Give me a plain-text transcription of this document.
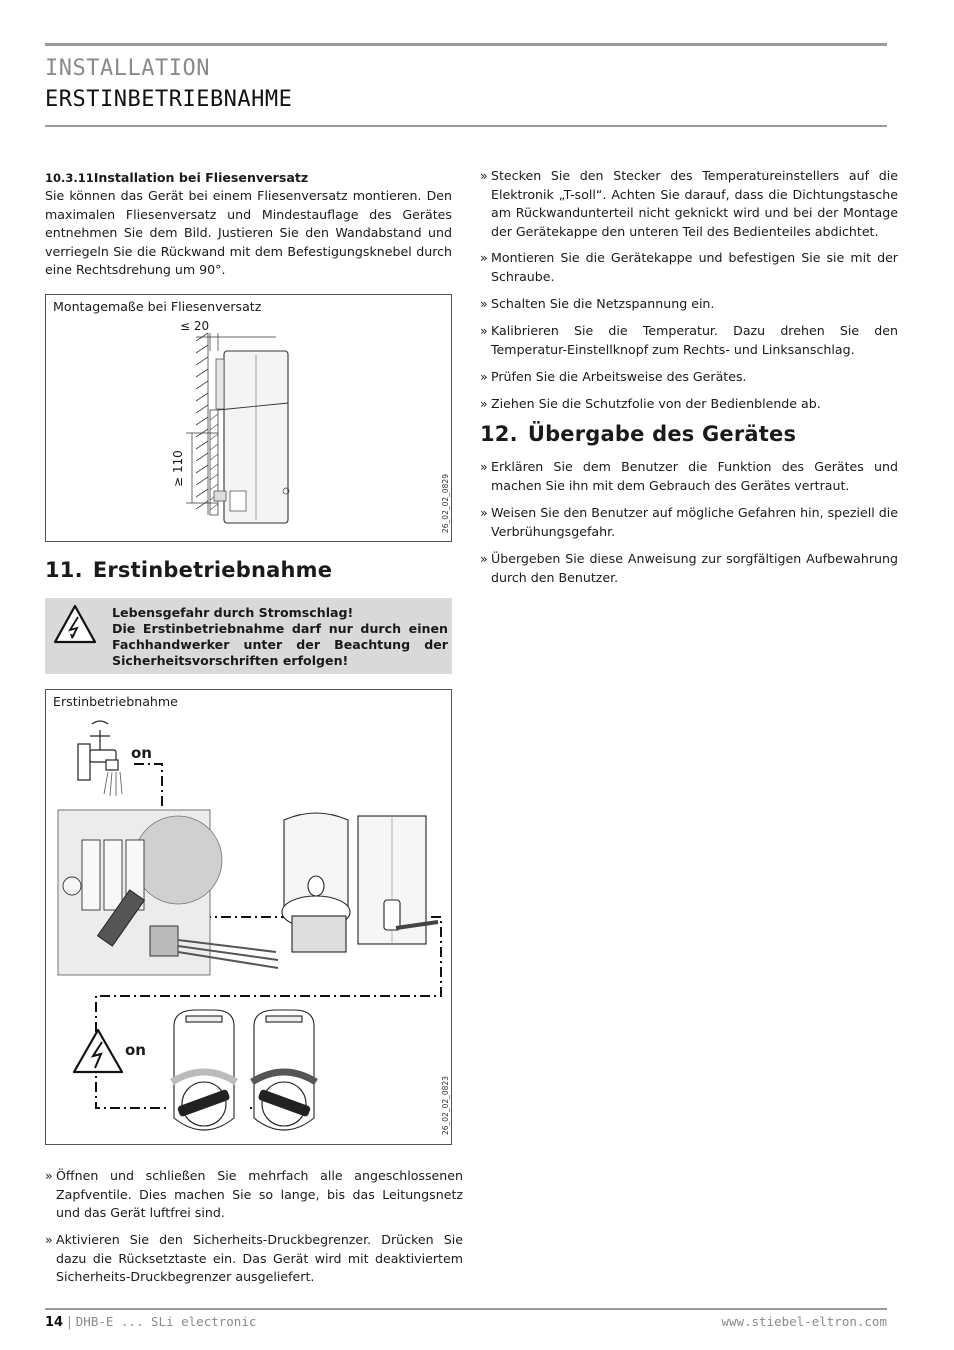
INSTALLATION
ERSTINBETRIEBNAHME
10.3.11Installation bei Fliesenversatz
Sie können das Gerät bei einem Fliesenversatz montieren. Den maximalen Fliesenversatz und Mindestauflage des Gerätes entnehmen Sie dem Bild. Justieren Sie den Wandabstand und verriegeln Sie die Rückwand mit dem Befestigungsknebel durch eine Rechtsdrehung um 90°.
Montagemaße bei Fliesenversatz
≤ 20
≥ 110
26_02_02_0829
11. Erstinbetriebnahme
Lebensgefahr durch Stromschlag!
Die Erstinbetriebnahme darf nur durch einen Fachhandwerker unter der Beachtung der Sicherheitsvorschriften erfolgen!
Erstinbetriebnahme
on
on
26_02_02_0823
» Öffnen und schließen Sie mehrfach alle angeschlossenen Zapfventile. Dies machen Sie so lange, bis das Leitungsnetz und das Gerät luftfrei sind.
» Aktivieren Sie den Sicherheits-Druckbegrenzer. Drücken Sie dazu die Rücksetztaste ein. Das Gerät wird mit deaktiviertem Sicherheits-Druckbegrenzer ausgeliefert.
» Stecken Sie den Stecker des Temperatureinstellers auf die Elektronik „T-soll“. Achten Sie darauf, dass die Dichtungstasche am Rückwandunterteil nicht geknickt wird und bei der Montage der Gerätekappe den unteren Teil des Bedienteiles abdichtet.
» Montieren Sie die Gerätekappe und befestigen Sie sie mit der Schraube.
» Schalten Sie die Netzspannung ein.
» Kalibrieren Sie die Temperatur. Dazu drehen Sie den Temperatur-Einstellknopf zum Rechts- und Linksanschlag.
» Prüfen Sie die Arbeitsweise des Gerätes.
» Ziehen Sie die Schutzfolie von der Bedienblende ab.
12. Übergabe des Gerätes
» Erklären Sie dem Benutzer die Funktion des Gerätes und machen Sie ihn mit dem Gebrauch des Gerätes vertraut.
» Weisen Sie den Benutzer auf mögliche Gefahren hin, speziell die Verbrühungsgefahr.
» Übergeben Sie diese Anweisung zur sorgfältigen Aufbewahrung durch den Benutzer.
14 | DHB-E ... SLi electronic	www.stiebel-eltron.com
